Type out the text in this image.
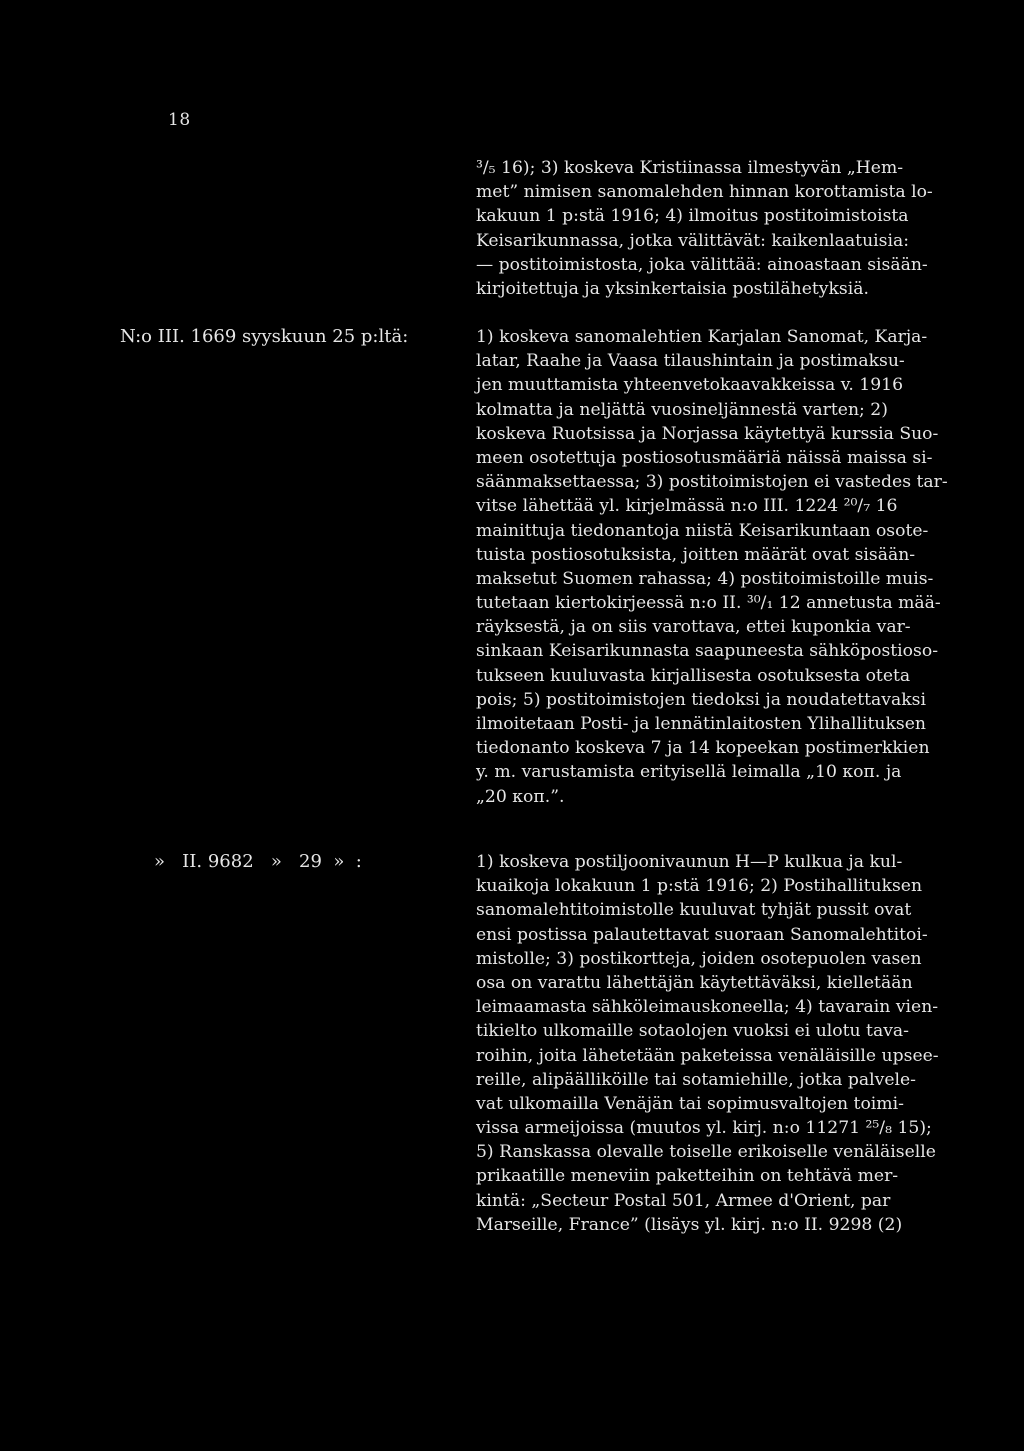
18
³/₅ 16); 3) koskeva Kristiinassa ilmestyvän „Hem-
met” nimisen sanomalehden hinnan korottamista lo-
kakuun 1 p:stä 1916; 4) ilmoitus postitoimistoista
Keisarikunnassa, jotka välittävät: kaikenlaatuisia:
— postitoimistosta, joka välittää: ainoastaan sisään-
kirjoitettuja ja yksinkertaisia postilähetyksiä.
N:o III. 1669 syyskuun 25 p:ltä:	1) koskeva sanomalehtien Karjalan Sanomat, Karja-
latar, Raahe ja Vaasa tilaushintain ja postimaksu-
jen muuttamista yhteenvetokaavakkeissa v. 1916
kolmatta ja neljättä vuosineljännestä varten; 2)
koskeva Ruotsissa ja Norjassa käytettyä kurssia Suo-
meen osotettuja postiosotusmääriä näissä maissa si-
säänmaksettaessa; 3) postitoimistojen ei vastedes tar-
vitse lähettää yl. kirjelmässä n:o III. 1224 ²⁰/₇ 16
mainittuja tiedonantoja niistä Keisarikuntaan osote-
tuista postiosotuksista, joitten määrät ovat sisään-
maksetut Suomen rahassa; 4) postitoimistoille muis-
tutetaan kiertokirjeessä n:o II. ³⁰/₁ 12 annetusta mää-
räyksestä, ja on siis varottava, ettei kuponkia var-
sinkaan Keisarikunnasta saapuneesta sähköpostioso-
tukseen kuuluvasta kirjallisesta osotuksesta oteta
pois; 5) postitoimistojen tiedoksi ja noudatettavaksi
ilmoitetaan Posti- ja lennätinlaitosten Ylihallituksen
tiedonanto koskeva 7 ja 14 kopeekan postimerkkien
y. m. varustamista erityisellä leimalla „10 коп. ja
„20 коп.”.
»   II. 9682   »   29  »  :	1) koskeva postiljoonivaunun H—P kulkua ja kul-
kuaikoja lokakuun 1 p:stä 1916; 2) Postihallituksen
sanomalehtitoimistolle kuuluvat tyhjät pussit ovat
ensi postissa palautettavat suoraan Sanomalehtitoi-
mistolle; 3) postikortteja, joiden osotepuolen vasen
osa on varattu lähettäjän käytettäväksi, kielletään
leimaamasta sähköleimauskoneella; 4) tavarain vien-
tikielto ulkomaille sotaolojen vuoksi ei ulotu tava-
roihin, joita lähetetään paketeissa venäläisille upsee-
reille, alipäälliköille tai sotamiehille, jotka palvele-
vat ulkomailla Venäjän tai sopimusvaltojen toimi-
vissa armeijoissa (muutos yl. kirj. n:o 11271 ²⁵/₈ 15);
5) Ranskassa olevalle toiselle erikoiselle venäläiselle
prikaatille meneviin paketteihin on tehtävä mer-
kintä: „Secteur Postal 501, Armee d'Orient, par
Marseille, France” (lisäys yl. kirj. n:o II. 9298 (2)
